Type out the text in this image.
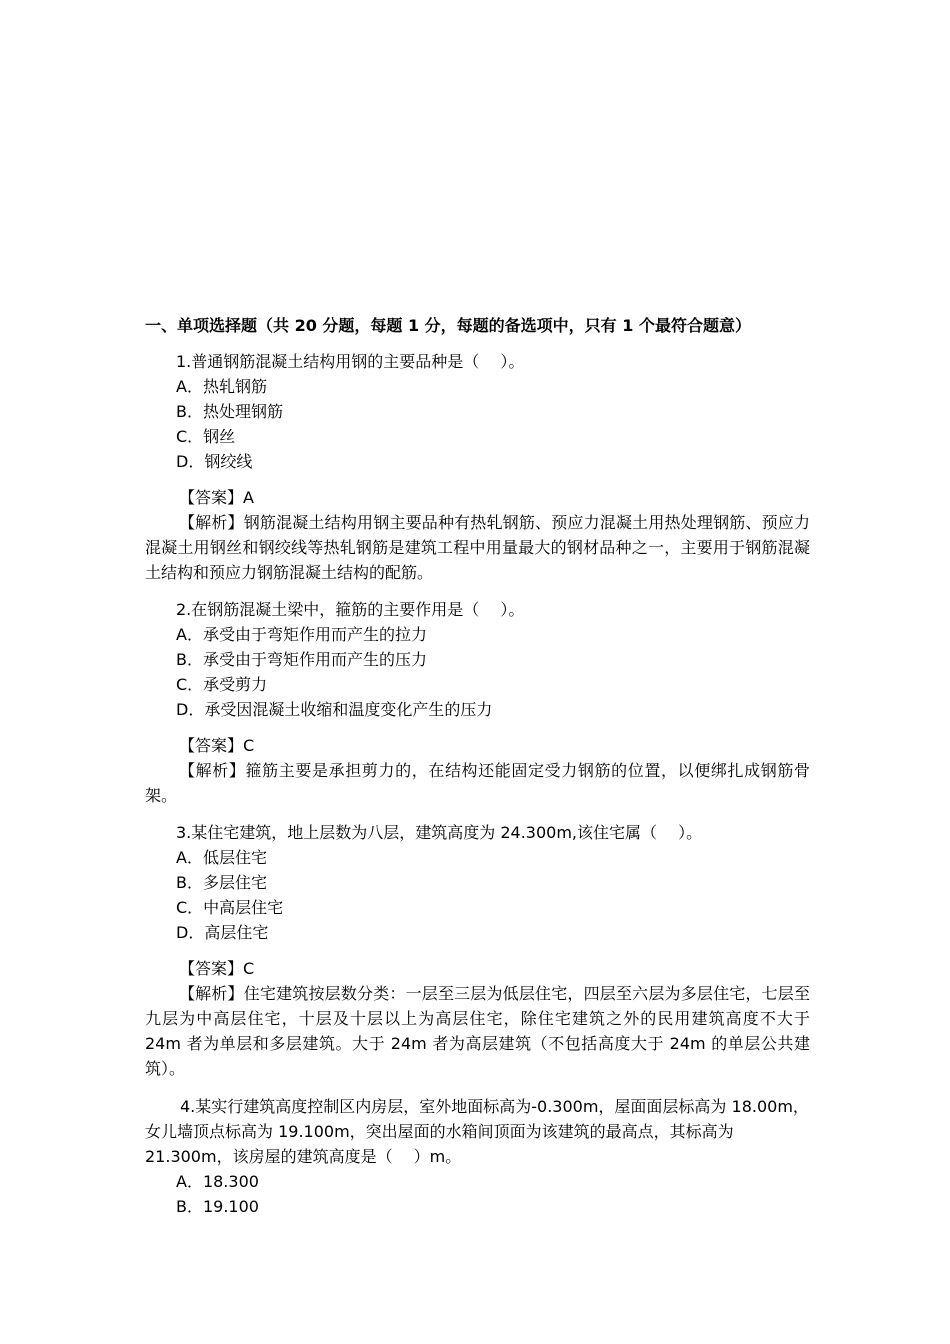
一、单项选择题（共 20 分题，每题 1 分，每题的备选项中，只有 1 个最符合题意）
1.普通钢筋混凝土结构用钢的主要品种是（　 ）。
A．热轧钢筋
B．热处理钢筋
C．钢丝
D．钢绞线
【答案】A
【解析】钢筋混凝土结构用钢主要品种有热轧钢筋、预应力混凝土用热处理钢筋、预应力混凝土用钢丝和钢绞线等热轧钢筋是建筑工程中用量最大的钢材品种之一，主要用于钢筋混凝土结构和预应力钢筋混凝土结构的配筋。
2.在钢筋混凝土梁中，箍筋的主要作用是（　 ）。
A．承受由于弯矩作用而产生的拉力
B．承受由于弯矩作用而产生的压力
C．承受剪力
D．承受因混凝土收缩和温度变化产生的压力
【答案】C
【解析】箍筋主要是承担剪力的，在结构还能固定受力钢筋的位置，以便绑扎成钢筋骨架。
3.某住宅建筑，地上层数为八层，建筑高度为 24.300m,该住宅属（　 ）。
A．低层住宅
B．多层住宅
C．中高层住宅
D．高层住宅
【答案】C
【解析】住宅建筑按层数分类：一层至三层为低层住宅，四层至六层为多层住宅，七层至九层为中高层住宅，十层及十层以上为高层住宅，除住宅建筑之外的民用建筑高度不大于 24m 者为单层和多层建筑。大于 24m 者为高层建筑（不包括高度大于 24m 的单层公共建筑）。
4.某实行建筑高度控制区内房层，室外地面标高为-0.300m，屋面面层标高为 18.00m，女儿墙顶点标高为 19.100m，突出屋面的水箱间顶面为该建筑的最高点，其标高为 21.300m，该房屋的建筑高度是（　 ）m。
A．18.300
B．19.100
